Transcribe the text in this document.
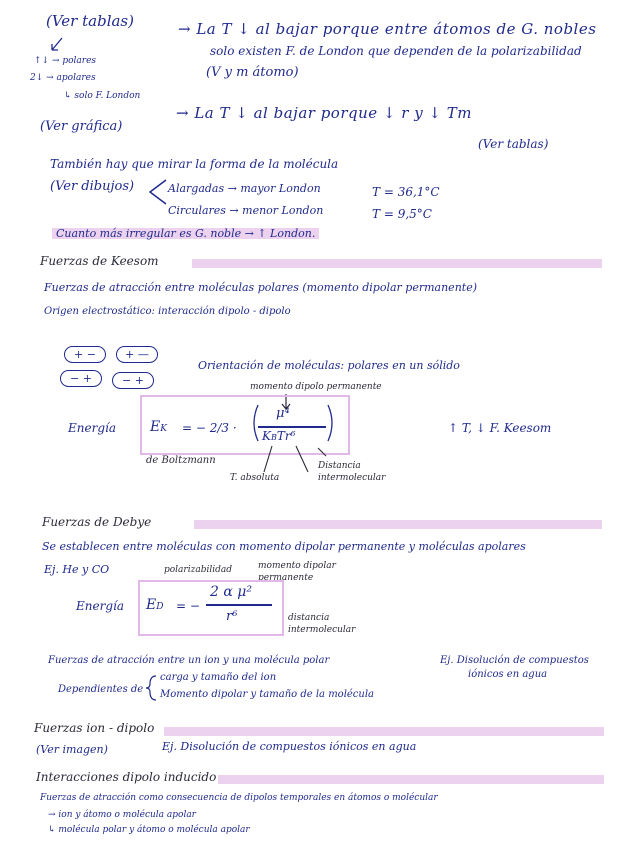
(Ver tablas)	→ La T ↓ al bajar porque entre átomos de G. nobles
solo existen F. de London que dependen de la polarizabilidad
(V y m átomo)
↑↓ → polares
2↓ → apolares
↳ solo F. London
→ La T ↓ al bajar porque ↓ r y ↓ Tm
(Ver gráfica)
(Ver tablas)
También hay que mirar la forma de la molécula
(Ver dibujos)	Alargadas → mayor London	T = 36,1°C
Circulares → menor London	T = 9,5°C
Cuanto más irregular es G. noble → ↑ London.
Fuerzas de Keesom
Fuerzas de atracción entre moléculas polares (momento dipolar permanente)
Origen electrostático: interacción dipolo - dipolo
+ −	+ —
− +	− +
Orientación de moléculas: polares en un sólido
momento dipolo permanente
Energía EK = − 2/3 ·
μ⁴
KBTr⁶
de Boltzmann
T. absoluta
Distancia intermolecular
↑ T, ↓ F. Keesom
Fuerzas de Debye
Se establecen entre moléculas con momento dipolar permanente y moléculas apolares
Ej. He y CO	polarizabilidad	momento dipolar permanente
Energía ED = −
2 α μ²
r⁶	distancia intermolecular
Fuerzas de atracción entre un ion y una molécula polar	Ej. Disolución de compuestos
iónicos en agua
Dependientes de
carga y tamaño del ion
Momento dipolar y tamaño de la molécula
Fuerzas ion - dipolo
(Ver imagen)	Ej. Disolución de compuestos iónicos en agua
Interacciones dipolo inducido
Fuerzas de atracción como consecuencia de dipolos temporales en átomos o molécular
→ ion y átomo o molécula apolar
↳ molécula polar y átomo o molécula apolar
